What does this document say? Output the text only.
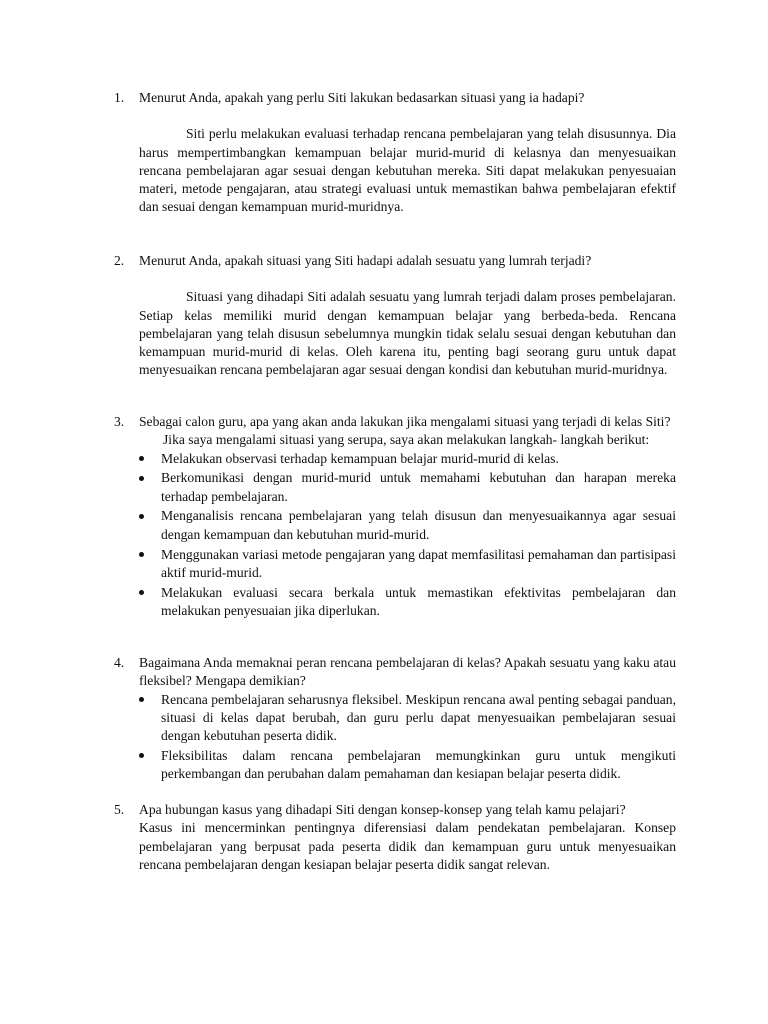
1. Menurut Anda, apakah yang perlu Siti lakukan bedasarkan situasi yang ia hadapi?
Siti perlu melakukan evaluasi terhadap rencana pembelajaran yang telah disusunnya. Dia harus mempertimbangkan kemampuan belajar murid-murid di kelasnya dan menyesuaikan rencana pembelajaran agar sesuai dengan kebutuhan mereka. Siti dapat melakukan penyesuaian materi, metode pengajaran, atau strategi evaluasi untuk memastikan bahwa pembelajaran efektif dan sesuai dengan kemampuan murid-muridnya.
2. Menurut Anda, apakah situasi yang Siti hadapi adalah sesuatu yang lumrah terjadi?
Situasi yang dihadapi Siti adalah sesuatu yang lumrah terjadi dalam proses pembelajaran. Setiap kelas memiliki murid dengan kemampuan belajar yang berbeda-beda. Rencana pembelajaran yang telah disusun sebelumnya mungkin tidak selalu sesuai dengan kebutuhan dan kemampuan murid-murid di kelas. Oleh karena itu, penting bagi seorang guru untuk dapat menyesuaikan rencana pembelajaran agar sesuai dengan kondisi dan kebutuhan murid-muridnya.
3. Sebagai calon guru, apa yang akan anda lakukan jika mengalami situasi yang terjadi di kelas Siti?
Jika saya mengalami situasi yang serupa, saya akan melakukan langkah- langkah berikut:
Melakukan observasi terhadap kemampuan belajar murid-murid di kelas.
Berkomunikasi dengan murid-murid untuk memahami kebutuhan dan harapan mereka terhadap pembelajaran.
Menganalisis rencana pembelajaran yang telah disusun dan menyesuaikannya agar sesuai dengan kemampuan dan kebutuhan murid-murid.
Menggunakan variasi metode pengajaran yang dapat memfasilitasi pemahaman dan partisipasi aktif murid-murid.
Melakukan evaluasi secara berkala untuk memastikan efektivitas pembelajaran dan melakukan penyesuaian jika diperlukan.
4. Bagaimana Anda memaknai peran rencana pembelajaran di kelas? Apakah sesuatu yang kaku atau fleksibel? Mengapa demikian?
Rencana pembelajaran seharusnya fleksibel. Meskipun rencana awal penting sebagai panduan, situasi di kelas dapat berubah, dan guru perlu dapat menyesuaikan pembelajaran sesuai dengan kebutuhan peserta didik.
Fleksibilitas dalam rencana pembelajaran memungkinkan guru untuk mengikuti perkembangan dan perubahan dalam pemahaman dan kesiapan belajar peserta didik.
5. Apa hubungan kasus yang dihadapi Siti dengan konsep-konsep yang telah kamu pelajari?
Kasus ini mencerminkan pentingnya diferensiasi dalam pendekatan pembelajaran. Konsep pembelajaran yang berpusat pada peserta didik dan kemampuan guru untuk menyesuaikan rencana pembelajaran dengan kesiapan belajar peserta didik sangat relevan.
